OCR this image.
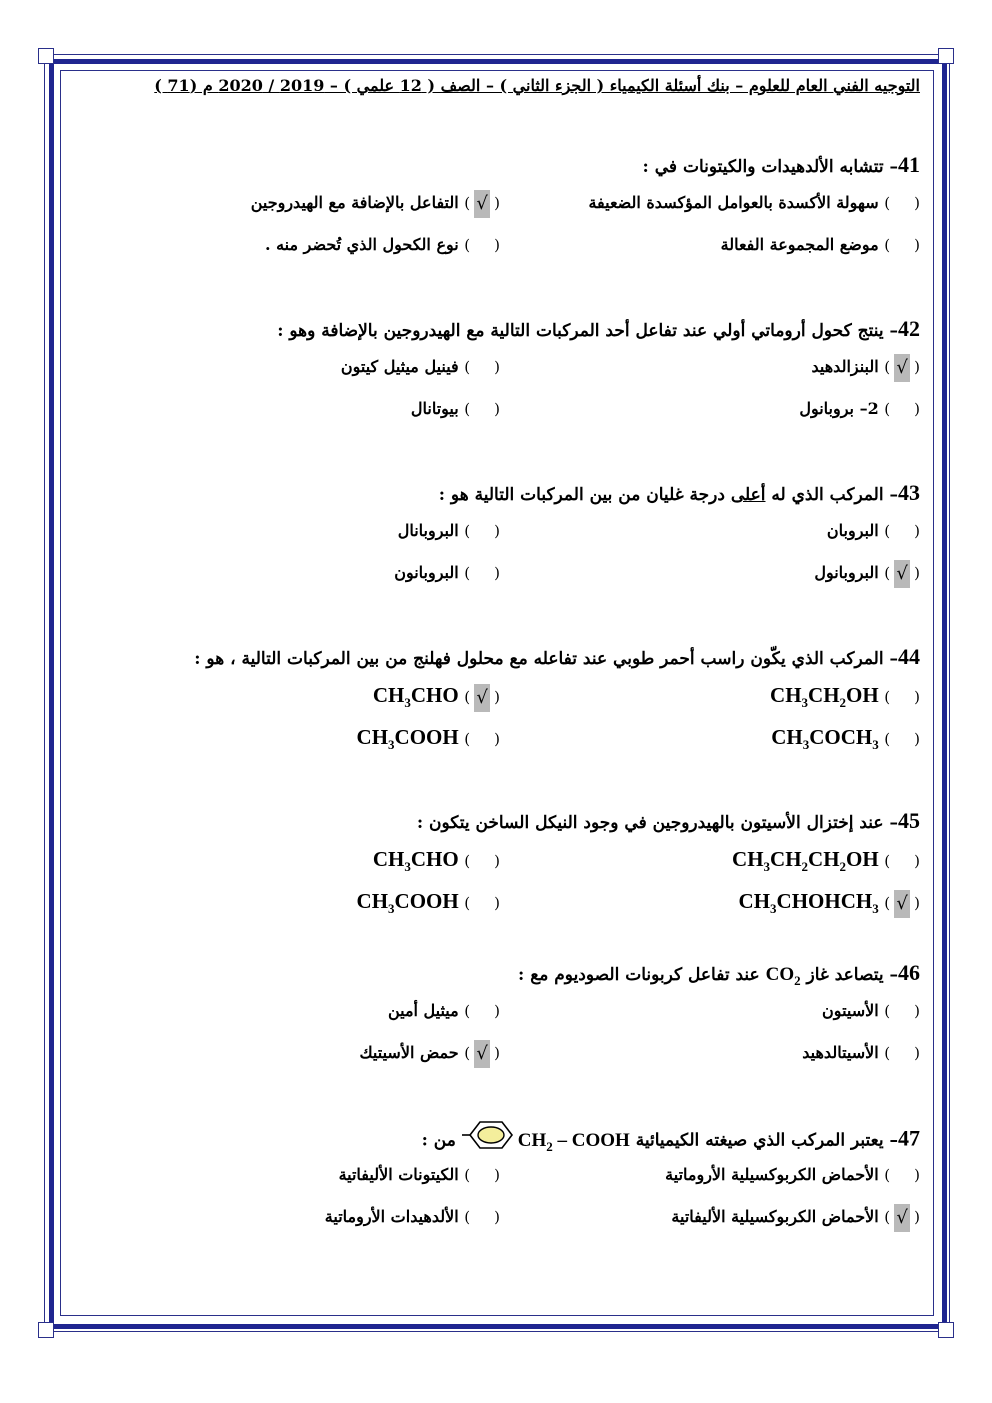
التوجيه الفني العام للعلوم – بنك أسئلة الكيمياء ( الجزء الثاني ) – الصف ( 12 علمي ) – 2019 / 2020 م (71 )
41– تتشابه الألدهيدات والكيتونات في :
() سهولة الأكسدة بالعوامل المؤكسدة الضعيفة
(√) التفاعل بالإضافة مع الهيدروجين
() موضع المجموعة الفعالة
() نوع الكحول الذي تُحضر منه .
42– ينتج كحول أروماتي أولي عند تفاعل أحد المركبات التالية مع الهيدروجين بالإضافة وهو :
(√) البنزالدهيد
() فينيل ميثيل كيتون
() 2– بروبانول
() بيوتانال
43– المركب الذي له أعلى درجة غليان من بين المركبات التالية هو :
() البروبان
() البروبانال
(√) البروبانول
() البروبانون
44– المركب الذي يكّون راسب أحمر طوبي عند تفاعله مع محلول فهلنج من بين المركبات التالية ، هو :
() $CH_3CH_2OH$
(√) $CH_3CHO$
() $CH_3COCH_3$
() $CH_3COOH$
45– عند إختزال الأسيتون بالهيدروجين في وجود النيكل الساخن يتكون :
() $CH_3CH_2CH_2OH$
() $CH_3CHO$
(√) $CH_3CHOHCH_3$
() $CH_3COOH$
46– يتصاعد غاز $CO_2$ عند تفاعل كربونات الصوديوم مع :
() الأسيتون
() ميثيل أمين
() الأسيتالدهيد
(√) حمض الأسيتيك
47– يعتبر المركب الذي صيغته الكيميائية $CH_2$ – COOH من :
() الأحماض الكربوكسيلية الأروماتية
() الكيتونات الأليفاتية
(√) الأحماض الكربوكسيلية الأليفاتية
() الألدهيدات الأروماتية
